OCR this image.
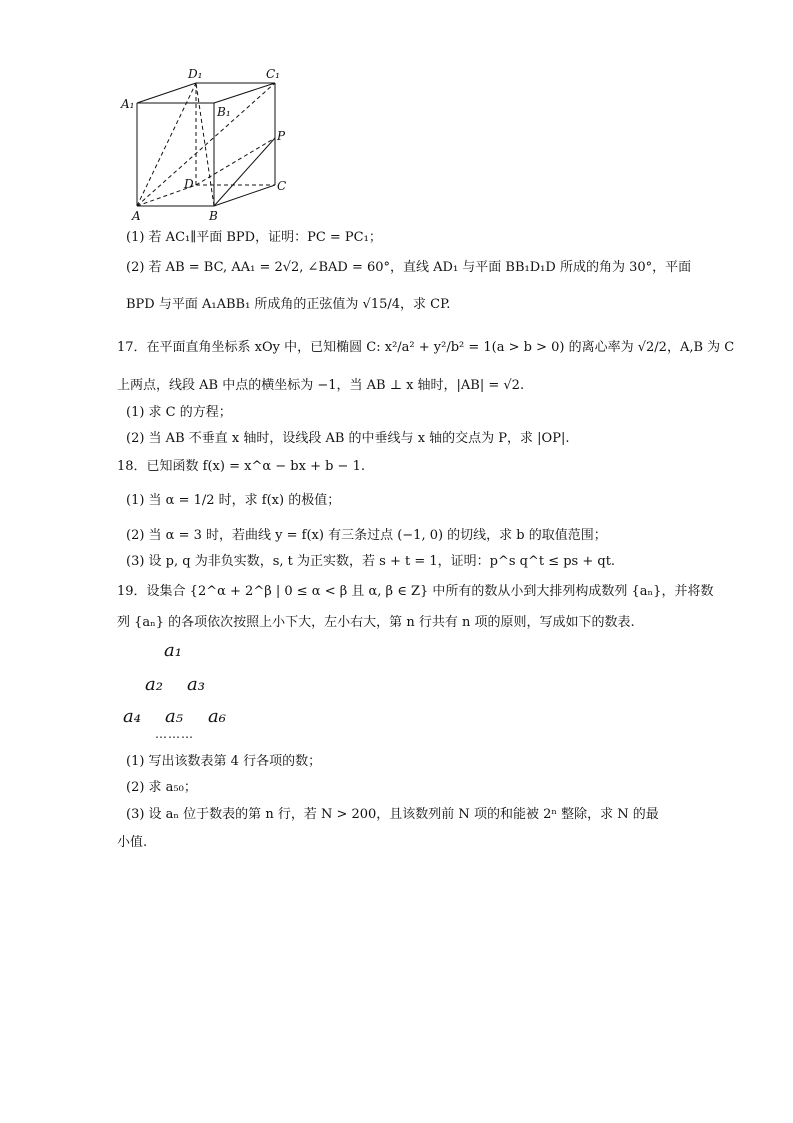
D₁	C₁
A₁
B₁
P
D	C
A	B
(1) 若 AC₁∥平面 BPD，证明：PC = PC₁；
(2) 若 AB = BC, AA₁ = 2√2, ∠BAD = 60°，直线 AD₁ 与平面 BB₁D₁D 所成的角为 30°，平面
BPD 与平面 A₁ABB₁ 所成角的正弦值为 √15/4，求 CP.
17．在平面直角坐标系 xOy 中，已知椭圆 C: x²/a² + y²/b² = 1(a > b > 0) 的离心率为 √2/2，A,B 为 C
上两点，线段 AB 中点的横坐标为 −1，当 AB ⊥ x 轴时，|AB| = √2.
(1) 求 C 的方程；
(2) 当 AB 不垂直 x 轴时，设线段 AB 的中垂线与 x 轴的交点为 P，求 |OP|.
18．已知函数 f(x) = x^α − bx + b − 1.
(1) 当 α = 1/2 时，求 f(x) 的极值；
(2) 当 α = 3 时，若曲线 y = f(x) 有三条过点 (−1, 0) 的切线，求 b 的取值范围；
(3) 设 p, q 为非负实数，s, t 为正实数，若 s + t = 1，证明：p^s q^t ≤ ps + qt.
19．设集合 {2^α + 2^β | 0 ≤ α < β 且 α, β ∈ Z} 中所有的数从小到大排列构成数列 {aₙ}，并将数
列 {aₙ} 的各项依次按照上小下大，左小右大，第 n 行共有 n 项的原则，写成如下的数表.
a₁
a₂ a₃
a₄ a₅ a₆
………
(1) 写出该数表第 4 行各项的数；
(2) 求 a₅₀；
(3) 设 aₙ 位于数表的第 n 行，若 N > 200，且该数列前 N 项的和能被 2ⁿ 整除，求 N 的最
小值.
